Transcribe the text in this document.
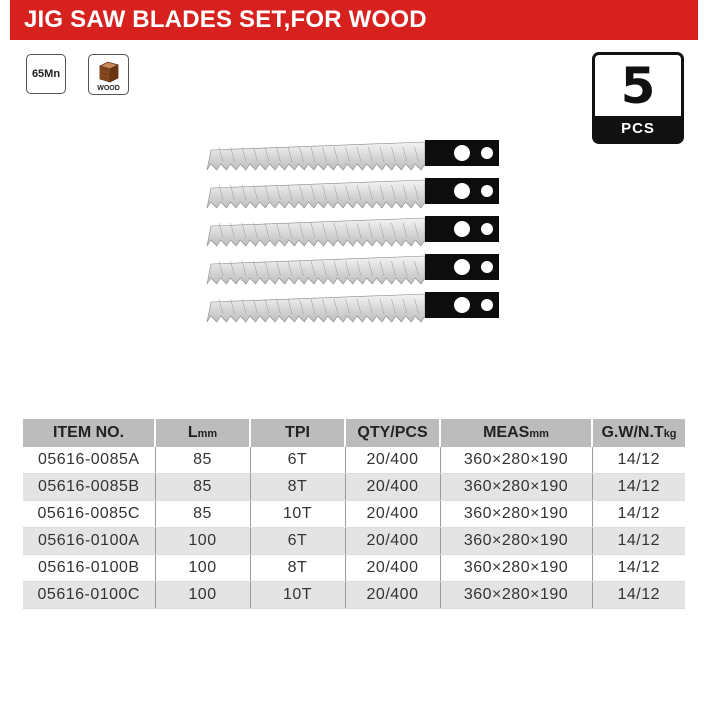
JIG SAW BLADES SET,FOR WOOD
65Mn
WOOD	5
PCS
ITEM NO.	Lmm	TPI	QTY/PCS	MEASmm	G.W/N.Tkg
05616-0085A	85	6T	20/400	360×280×190	14/12
05616-0085B	85	8T	20/400	360×280×190	14/12
05616-0085C	85	10T	20/400	360×280×190	14/12
05616-0100A	100	6T	20/400	360×280×190	14/12
05616-0100B	100	8T	20/400	360×280×190	14/12
05616-0100C	100	10T	20/400	360×280×190	14/12
